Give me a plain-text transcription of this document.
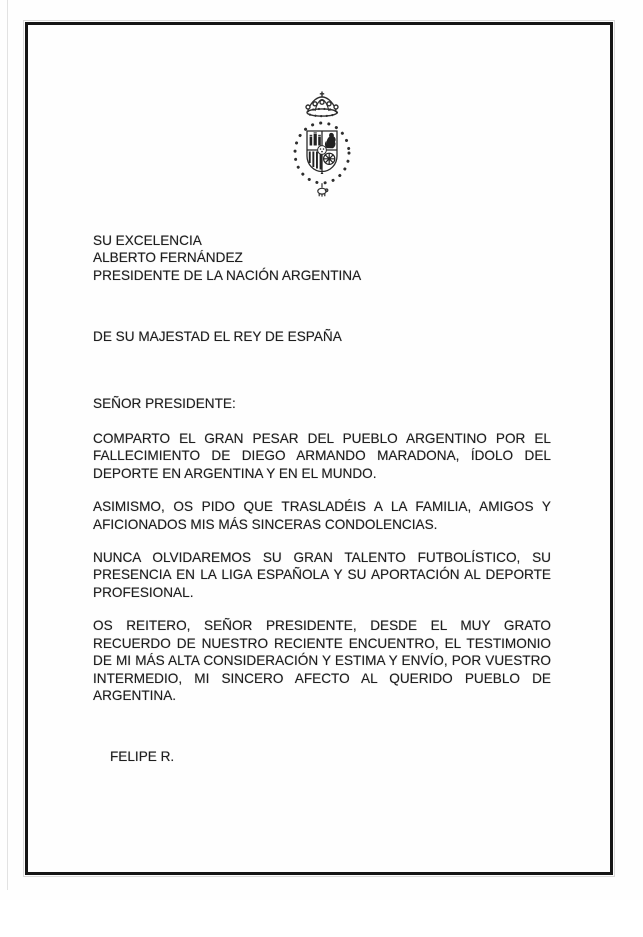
SU EXCELENCIA
ALBERTO FERNÁNDEZ
PRESIDENTE DE LA NACIÓN ARGENTINA
DE SU MAJESTAD EL REY DE ESPAÑA
SEÑOR PRESIDENTE:

COMPARTO EL GRAN PESAR DEL PUEBLO ARGENTINO POR EL FALLECIMIENTO DE DIEGO ARMANDO MARADONA, ÍDOLO DEL DEPORTE EN ARGENTINA Y EN EL MUNDO.

ASIMISMO, OS PIDO QUE TRASLADÉIS A LA FAMILIA, AMIGOS Y AFICIONADOS MIS MÁS SINCERAS CONDOLENCIAS.

NUNCA OLVIDAREMOS SU GRAN TALENTO FUTBOLÍSTICO, SU PRESENCIA EN LA LIGA ESPAÑOLA Y SU APORTACIÓN AL DEPORTE PROFESIONAL.

OS REITERO, SEÑOR PRESIDENTE, DESDE EL MUY GRATO RECUERDO DE NUESTRO RECIENTE ENCUENTRO, EL TESTIMONIO DE MI MÁS ALTA CONSIDERACIÓN Y ESTIMA Y ENVÍO, POR VUESTRO INTERMEDIO, MI SINCERO AFECTO AL QUERIDO PUEBLO DE ARGENTINA.

FELIPE R.
